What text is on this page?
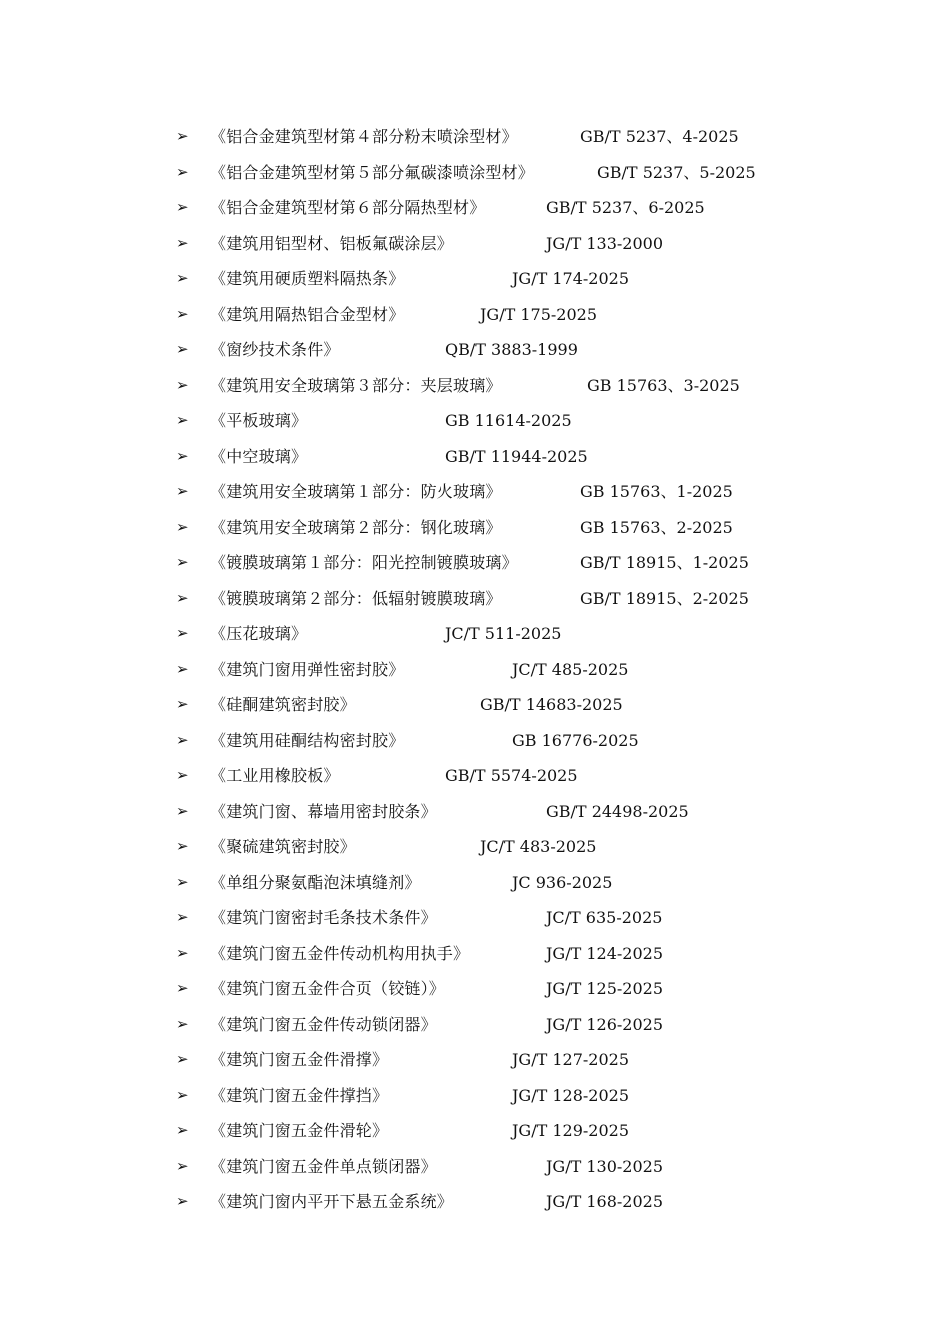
➢	《铝合金建筑型材第４部分粉末喷涂型材》	GB/T 5237、4-2025
➢	《铝合金建筑型材第５部分氟碳漆喷涂型材》	GB/T 5237、5-2025
➢	《铝合金建筑型材第６部分隔热型材》	GB/T 5237、6-2025
➢	《建筑用铝型材、铝板氟碳涂层》	JG/T 133-2000
➢	《建筑用硬质塑料隔热条》	JG/T 174-2025
➢	《建筑用隔热铝合金型材》	JG/T 175-2025
➢	《窗纱技术条件》	QB/T 3883-1999
➢	《建筑用安全玻璃第３部分：夹层玻璃》	GB 15763、3-2025
➢	《平板玻璃》	GB 11614-2025
➢	《中空玻璃》	GB/T 11944-2025
➢	《建筑用安全玻璃第１部分：防火玻璃》	GB 15763、1-2025
➢	《建筑用安全玻璃第２部分：钢化玻璃》	GB 15763、2-2025
➢	《镀膜玻璃第１部分：阳光控制镀膜玻璃》	GB/T 18915、1-2025
➢	《镀膜玻璃第２部分：低辐射镀膜玻璃》	GB/T 18915、2-2025
➢	《压花玻璃》	JC/T 511-2025
➢	《建筑门窗用弹性密封胶》	JC/T 485-2025
➢	《硅酮建筑密封胶》	GB/T 14683-2025
➢	《建筑用硅酮结构密封胶》	GB 16776-2025
➢	《工业用橡胶板》	GB/T 5574-2025
➢	《建筑门窗、幕墙用密封胶条》	GB/T 24498-2025
➢	《聚硫建筑密封胶》	JC/T 483-2025
➢	《单组分聚氨酯泡沫填缝剂》	JC 936-2025
➢	《建筑门窗密封毛条技术条件》	JC/T 635-2025
➢	《建筑门窗五金件传动机构用执手》	JG/T 124-2025
➢	《建筑门窗五金件合页（铰链）》	JG/T 125-2025
➢	《建筑门窗五金件传动锁闭器》	JG/T 126-2025
➢	《建筑门窗五金件滑撑》	JG/T 127-2025
➢	《建筑门窗五金件撑挡》	JG/T 128-2025
➢	《建筑门窗五金件滑轮》	JG/T 129-2025
➢	《建筑门窗五金件单点锁闭器》	JG/T 130-2025
➢	《建筑门窗内平开下悬五金系统》	JG/T 168-2025
